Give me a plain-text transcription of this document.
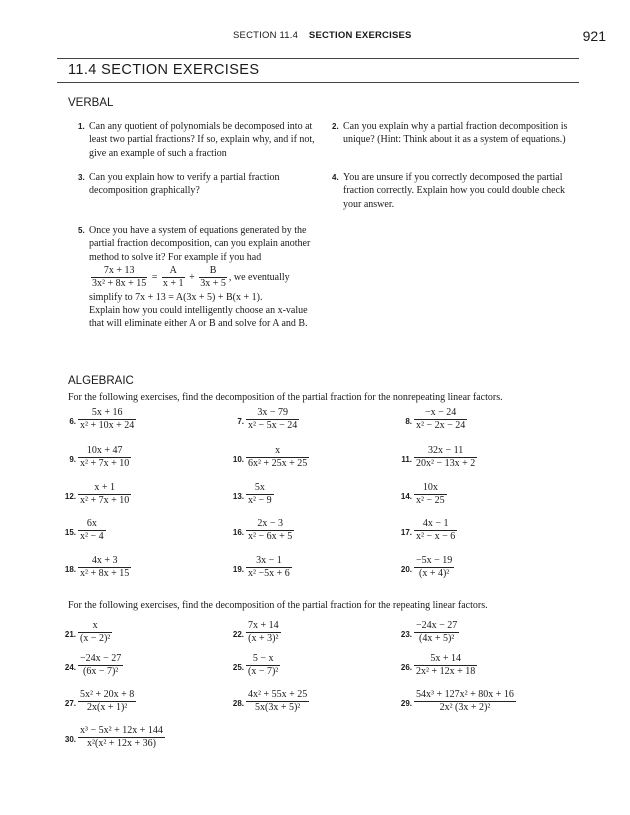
SECTION 11.4 SECTION EXERCISES	921
11.4 SECTION EXERCISES
VERBAL
1. Can any quotient of polynomials be decomposed into at least two partial fractions? If so, explain why, and if not, give an example of such a fraction
2. Can you explain why a partial fraction decomposition is unique? (Hint: Think about it as a system of equations.)
3. Can you explain how to verify a partial fraction decomposition graphically?
4. You are unsure if you correctly decomposed the partial fraction correctly. Explain how you could double check your answer.
5. Once you have a system of equations generated by the partial fraction decomposition, can you explain another method to solve it? For example if you had
$\frac{7x + 13}{\text{3x² + 8x + 15}} = \frac{A}{x + 1} + \frac{B}{3x + 5}$ , we eventually
simplify to 7x + 13 = A(3x + 5) + B(x + 1).
Explain how you could intelligently choose an x-value that will eliminate either A or B and solve for A and B.
ALGEBRAIC
For the following exercises, find the decomposition of the partial fraction for the nonrepeating linear factors.
For the following exercises, find the decomposition of the partial fraction for the repeating linear factors.
6. $\frac{5x + 16}{\text{x² + 10x + 24}}$	7. $\frac{3x - 79}{\text{x² − 5x − 24}}$	8. $\frac{-x - 24}{\text{x² − 2x − 24}}$
9. $\frac{10x + 47}{\text{x² + 7x + 10}}$	10. $\frac{x}{\text{6x² + 25x + 25}}$	11. $\frac{32x - 11}{\text{20x² − 13x + 2}}$
12. $\frac{x + 1}{\text{x² + 7x + 10}}$	13. $\frac{5x}{\text{x² − 9}}$	14. $\frac{10x}{\text{x² − 25}}$
15. $\frac{6x}{\text{x² − 4}}$	16. $\frac{2x - 3}{\text{x² − 6x + 5}}$	17. $\frac{4x - 1}{\text{x² − x − 6}}$
18. $\frac{4x + 3}{\text{x² + 8x + 15}}$	19. $\frac{3x - 1}{\text{x² −5x + 6}}$	20. $\frac{-5x - 19}{\text{(x + 4)²}}$
21. $\frac{x}{\text{(x − 2)²}}$	22. $\frac{7x + 14}{\text{(x + 3)²}}$	23. $\frac{-24x - 27}{\text{(4x + 5)²}}$
24. $\frac{-24x - 27}{\text{(6x − 7)²}}$	25. $\frac{5 - x}{\text{(x − 7)²}}$	26. $\frac{5x + 14}{\text{2x² + 12x + 18}}$
27. $\frac{\text{5x² + 20x + 8}}{\text{2x(x + 1)²}}$	28. $\frac{\text{4x² + 55x + 25}}{\text{5x(3x + 5)²}}$	29. $\frac{\text{54x³ + 127x² + 80x + 16}}{\text{2x² (3x + 2)²}}$
30. $\frac{\text{x³ − 5x² + 12x + 144}}{\text{x²(x² + 12x + 36)}}$
